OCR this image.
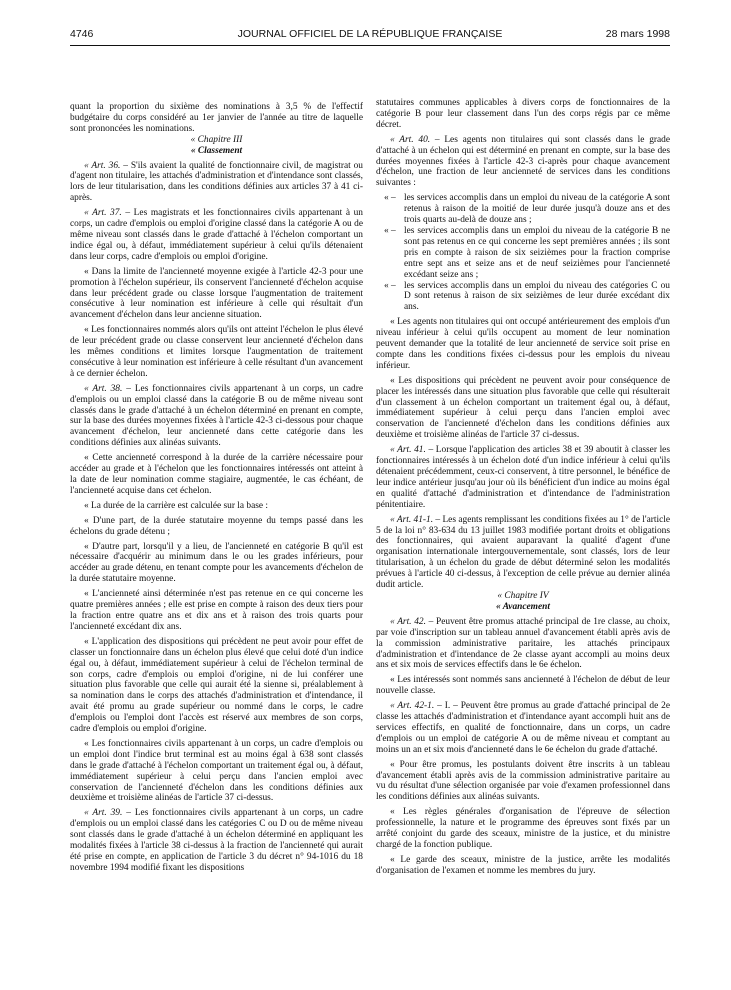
4746	JOURNAL OFFICIEL DE LA RÉPUBLIQUE FRANÇAISE	28 mars 1998

quant la proportion du sixième des nominations à 3,5 % de l'effectif budgétaire du corps considéré au 1er janvier de l'année au titre de laquelle sont prononcées les nominations.

« Chapitre III

« Classement

« Art. 36. – S'ils avaient la qualité de fonctionnaire civil, de magistrat ou d'agent non titulaire, les attachés d'administration et d'intendance sont classés, lors de leur titularisation, dans les conditions définies aux articles 37 à 41 ci-après.

« Art. 37. – Les magistrats et les fonctionnaires civils appartenant à un corps, un cadre d'emplois ou emploi d'origine classé dans la catégorie A ou de même niveau sont classés dans le grade d'attaché à l'échelon comportant un indice égal ou, à défaut, immédiatement supérieur à celui qu'ils détenaient dans leur corps, cadre d'emplois ou emploi d'origine.

« Dans la limite de l'ancienneté moyenne exigée à l'article 42-3 pour une promotion à l'échelon supérieur, ils conservent l'ancienneté d'échelon acquise dans leur précédent grade ou classe lorsque l'augmentation de traitement consécutive à leur nomination est inférieure à celle qui résultait d'un avancement d'échelon dans leur ancienne situation.

« Les fonctionnaires nommés alors qu'ils ont atteint l'échelon le plus élevé de leur précédent grade ou classe conservent leur ancienneté d'échelon dans les mêmes conditions et limites lorsque l'augmentation de traitement consécutive à leur nomination est inférieure à celle résultant d'un avancement à ce dernier échelon.

« Art. 38. – Les fonctionnaires civils appartenant à un corps, un cadre d'emplois ou un emploi classé dans la catégorie B ou de même niveau sont classés dans le grade d'attaché à un échelon déterminé en prenant en compte, sur la base des durées moyennes fixées à l'article 42-3 ci-dessous pour chaque avancement d'échelon, leur ancienneté dans cette catégorie dans les conditions définies aux alinéas suivants.

« Cette ancienneté correspond à la durée de la carrière nécessaire pour accéder au grade et à l'échelon que les fonctionnaires intéressés ont atteint à la date de leur nomination comme stagiaire, augmentée, le cas échéant, de l'ancienneté acquise dans cet échelon.

« La durée de la carrière est calculée sur la base :

« D'une part, de la durée statutaire moyenne du temps passé dans les échelons du grade détenu ;

« D'autre part, lorsqu'il y a lieu, de l'ancienneté en catégorie B qu'il est nécessaire d'acquérir au minimum dans le ou les grades inférieurs, pour accéder au grade détenu, en tenant compte pour les avancements d'échelon de la durée statutaire moyenne.

« L'ancienneté ainsi déterminée n'est pas retenue en ce qui concerne les quatre premières années ; elle est prise en compte à raison des deux tiers pour la fraction entre quatre ans et dix ans et à raison des trois quarts pour l'ancienneté excédant dix ans.

« L'application des dispositions qui précèdent ne peut avoir pour effet de classer un fonctionnaire dans un échelon plus élevé que celui doté d'un indice égal ou, à défaut, immédiatement supérieur à celui de l'échelon terminal de son corps, cadre d'emplois ou emploi d'origine, ni de lui conférer une situation plus favorable que celle qui aurait été la sienne si, préalablement à sa nomination dans le corps des attachés d'administration et d'intendance, il avait été promu au grade supérieur ou nommé dans le corps, le cadre d'emplois ou l'emploi dont l'accès est réservé aux membres de son corps, cadre d'emplois ou emploi d'origine.

« Les fonctionnaires civils appartenant à un corps, un cadre d'emplois ou un emploi dont l'indice brut terminal est au moins égal à 638 sont classés dans le grade d'attaché à l'échelon comportant un traitement égal ou, à défaut, immédiatement supérieur à celui perçu dans l'ancien emploi avec conservation de l'ancienneté d'échelon dans les conditions définies aux deuxième et troisième alinéas de l'article 37 ci-dessus.

« Art. 39. – Les fonctionnaires civils appartenant à un corps, un cadre d'emplois ou un emploi classé dans les catégories C ou D ou de même niveau sont classés dans le grade d'attaché à un échelon déterminé en appliquant les modalités fixées à l'article 38 ci-dessus à la fraction de l'ancienneté qui aurait été prise en compte, en application de l'article 3 du décret n° 94-1016 du 18 novembre 1994 modifié fixant les dispositions

statutaires communes applicables à divers corps de fonctionnaires de la catégorie B pour leur classement dans l'un des corps régis par ce même décret.

« Art. 40. – Les agents non titulaires qui sont classés dans le grade d'attaché à un échelon qui est déterminé en prenant en compte, sur la base des durées moyennes fixées à l'article 42-3 ci-après pour chaque avancement d'échelon, une fraction de leur ancienneté de services dans les conditions suivantes :

« – les services accomplis dans un emploi du niveau de la catégorie A sont retenus à raison de la moitié de leur durée jusqu'à douze ans et des trois quarts au-delà de douze ans ;

« – les services accomplis dans un emploi du niveau de la catégorie B ne sont pas retenus en ce qui concerne les sept premières années ; ils sont pris en compte à raison de six seizièmes pour la fraction comprise entre sept ans et seize ans et de neuf seizièmes pour l'ancienneté excédant seize ans ;

« – les services accomplis dans un emploi du niveau des catégories C ou D sont retenus à raison de six seizièmes de leur durée excédant dix ans.

« Les agents non titulaires qui ont occupé antérieurement des emplois d'un niveau inférieur à celui qu'ils occupent au moment de leur nomination peuvent demander que la totalité de leur ancienneté de service soit prise en compte dans les conditions fixées ci-dessus pour les emplois du niveau inférieur.

« Les dispositions qui précèdent ne peuvent avoir pour conséquence de placer les intéressés dans une situation plus favorable que celle qui résulterait d'un classement à un échelon comportant un traitement égal ou, à défaut, immédiatement supérieur à celui perçu dans l'ancien emploi avec conservation de l'ancienneté d'échelon dans les conditions définies aux deuxième et troisième alinéas de l'article 37 ci-dessus.

« Art. 41. – Lorsque l'application des articles 38 et 39 aboutit à classer les fonctionnaires intéressés à un échelon doté d'un indice inférieur à celui qu'ils détenaient précédemment, ceux-ci conservent, à titre personnel, le bénéfice de leur indice antérieur jusqu'au jour où ils bénéficient d'un indice au moins égal en qualité d'attaché d'administration et d'intendance de l'administration pénitentiaire.

« Art. 41-1. – Les agents remplissant les conditions fixées au 1° de l'article 5 de la loi n° 83-634 du 13 juillet 1983 modifiée portant droits et obligations des fonctionnaires, qui avaient auparavant la qualité d'agent d'une organisation internationale intergouvernementale, sont classés, lors de leur titularisation, à un échelon du grade de début déterminé selon les modalités prévues à l'article 40 ci-dessus, à l'exception de celle prévue au dernier alinéa dudit article.

« Chapitre IV

« Avancement

« Art. 42. – Peuvent être promus attaché principal de 1re classe, au choix, par voie d'inscription sur un tableau annuel d'avancement établi après avis de la commission administrative paritaire, les attachés principaux d'administration et d'intendance de 2e classe ayant accompli au moins deux ans et six mois de services effectifs dans le 6e échelon.

« Les intéressés sont nommés sans ancienneté à l'échelon de début de leur nouvelle classe.

« Art. 42-1. – I. – Peuvent être promus au grade d'attaché principal de 2e classe les attachés d'administration et d'intendance ayant accompli huit ans de services effectifs, en qualité de fonctionnaire, dans un corps, un cadre d'emplois ou un emploi de catégorie A ou de même niveau et comptant au moins un an et six mois d'ancienneté dans le 6e échelon du grade d'attaché.

« Pour être promus, les postulants doivent être inscrits à un tableau d'avancement établi après avis de la commission administrative paritaire au vu du résultat d'une sélection organisée par voie d'examen professionnel dans les conditions définies aux alinéas suivants.

« Les règles générales d'organisation de l'épreuve de sélection professionnelle, la nature et le programme des épreuves sont fixés par un arrêté conjoint du garde des sceaux, ministre de la justice, et du ministre chargé de la fonction publique.

« Le garde des sceaux, ministre de la justice, arrête les modalités d'organisation de l'examen et nomme les membres du jury.
